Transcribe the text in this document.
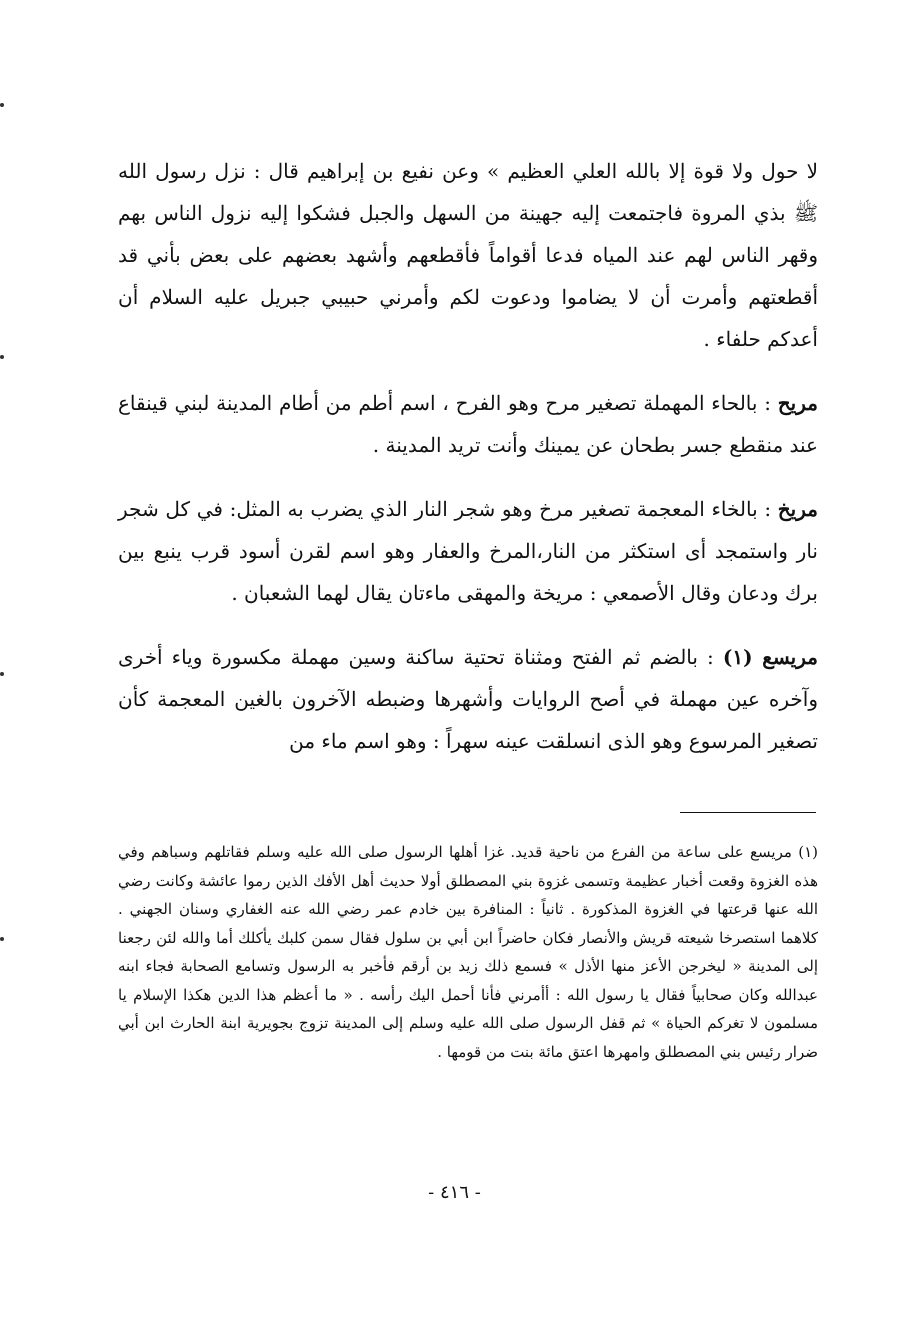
لا حول ولا قوة إلا بالله العلي العظيم » وعن نفيع بن إبراهيم قال : نزل رسول الله ﷺ بذي المروة فاجتمعت إليه جهينة من السهل والجبل فشكوا إليه نزول الناس بهم وقهر الناس لهم عند المياه فدعا أقواماً فأقطعهم وأشهد بعضهم على بعض بأني قد أقطعتهم وأمرت أن لا يضاموا ودعوت لكم وأمرني حبيبي جبريل عليه السلام أن أعدكم حلفاء .

مريح : بالحاء المهملة تصغير مرح وهو الفرح ، اسم أطم من أطام المدينة لبني قينقاع عند منقطع جسر بطحان عن يمينك وأنت تريد المدينة .

مريخ : بالخاء المعجمة تصغير مرخ وهو شجر النار الذي يضرب به المثل: في كل شجر نار واستمجد أى استكثر من النار،المرخ والعفار وهو اسم لقرن أسود قرب ينبع بين برك ودعان وقال الأصمعي : مريخة والمهقى ماءتان يقال لهما الشعبان .

مريسع (١) : بالضم ثم الفتح ومثناة تحتية ساكنة وسين مهملة مكسورة وياء أخرى وآخره عين مهملة في أصح الروايات وأشهرها وضبطه الآخرون بالغين المعجمة كأن تصغير المرسوع وهو الذى انسلقت عينه سهراً : وهو اسم ماء من

(١) مريسع على ساعة من الفرع من ناحية قديد. غزا أهلها الرسول صلى الله عليه وسلم فقاتلهم وسباهم وفي هذه الغزوة وقعت أخبار عظيمة وتسمى غزوة بني المصطلق أولا حديث أهل الأفك الذين رموا عائشة وكانت رضي الله عنها قرعتها في الغزوة المذكورة . ثانياً : المنافرة بين خادم عمر رضي الله عنه الغفاري وسنان الجهني . كلاهما استصرخا شيعته قريش والأنصار فكان حاضراً ابن أبي بن سلول فقال سمن كلبك يأكلك أما والله لئن رجعنا إلى المدينة « ليخرجن الأعز منها الأذل » فسمع ذلك زيد بن أرقم فأخبر به الرسول وتسامع الصحابة فجاء ابنه عبدالله وكان صحابياً فقال يا رسول الله : أأمرني فأنا أحمل اليك رأسه . « ما أعظم هذا الدين هكذا الإسلام يا مسلمون لا تغركم الحياة » ثم قفل الرسول صلى الله عليه وسلم إلى المدينة تزوج بجويرية ابنة الحارث ابن أبي ضرار رئيس بني المصطلق وامهرها اعتق مائة بنت من قومها .

- ٤١٦ -
